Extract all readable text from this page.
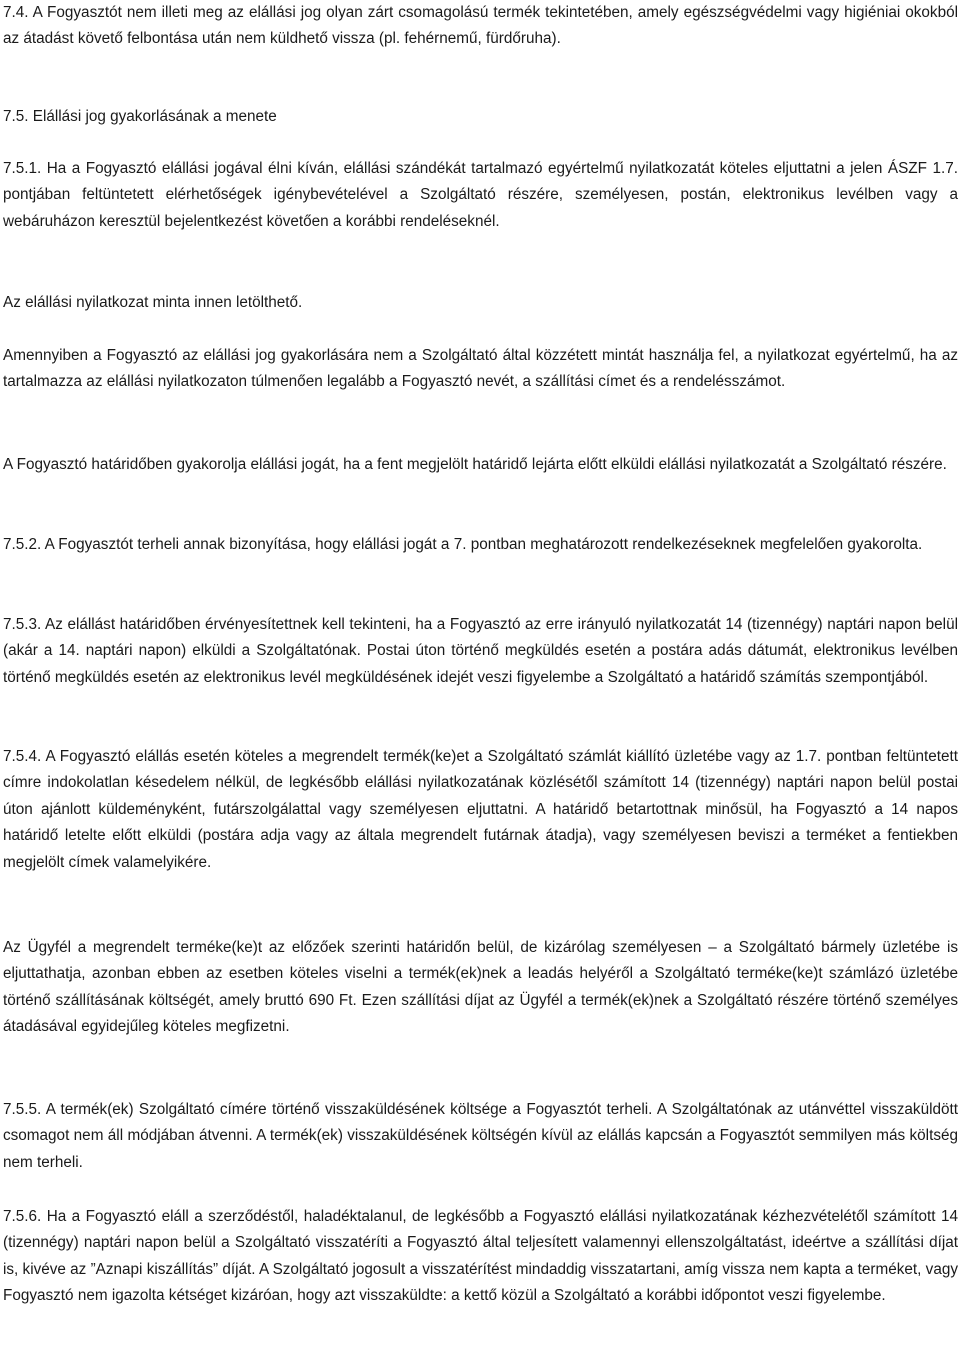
7.4. A Fogyasztót nem illeti meg az elállási jog olyan zárt csomagolású termék tekintetében, amely egészségvédelmi vagy higiéniai okokból az átadást követő felbontása után nem küldhető vissza (pl. fehérnemű, fürdőruha).

7.5. Elállási jog gyakorlásának a menete

7.5.1. Ha a Fogyasztó elállási jogával élni kíván, elállási szándékát tartalmazó egyértelmű nyilatkozatát köteles eljuttatni a jelen ÁSZF 1.7. pontjában feltüntetett elérhetőségek igénybevételével a Szolgáltató részére, személyesen, postán, elektronikus levélben vagy a webáruházon keresztül bejelentkezést követően a korábbi rendeléseknél.

Az elállási nyilatkozat minta innen letölthető.

Amennyiben a Fogyasztó az elállási jog gyakorlására nem a Szolgáltató által közzétett mintát használja fel, a nyilatkozat egyértelmű, ha az tartalmazza az elállási nyilatkozaton túlmenően legalább a Fogyasztó nevét, a szállítási címet és a rendelésszámot.

A Fogyasztó határidőben gyakorolja elállási jogát, ha a fent megjelölt határidő lejárta előtt elküldi elállási nyilatkozatát a Szolgáltató részére.

7.5.2. A Fogyasztót terheli annak bizonyítása, hogy elállási jogát a 7. pontban meghatározott rendelkezéseknek megfelelően gyakorolta.

7.5.3. Az elállást határidőben érvényesítettnek kell tekinteni, ha a Fogyasztó az erre irányuló nyilatkozatát 14 (tizennégy) naptári napon belül (akár a 14. naptári napon) elküldi a Szolgáltatónak. Postai úton történő megküldés esetén a postára adás dátumát, elektronikus levélben történő megküldés esetén az elektronikus levél megküldésének idejét veszi figyelembe a Szolgáltató a határidő számítás szempontjából.

7.5.4. A Fogyasztó elállás esetén köteles a megrendelt termék(ke)et a Szolgáltató számlát kiállító üzletébe vagy az 1.7. pontban feltüntetett címre indokolatlan késedelem nélkül, de legkésőbb elállási nyilatkozatának közlésétől számított 14 (tizennégy) naptári napon belül postai úton ajánlott küldeményként, futárszolgálattal vagy személyesen eljuttatni. A határidő betartottnak minősül, ha Fogyasztó a 14 napos határidő letelte előtt elküldi (postára adja vagy az általa megrendelt futárnak átadja), vagy személyesen beviszi a terméket a fentiekben megjelölt címek valamelyikére.

Az Ügyfél a megrendelt terméke(ke)t az előzőek szerinti határidőn belül, de kizárólag személyesen – a Szolgáltató bármely üzletébe is eljuttathatja, azonban ebben az esetben köteles viselni a termék(ek)nek a leadás helyéről a Szolgáltató terméke(ke)t számlázó üzletébe történő szállításának költségét, amely bruttó 690 Ft. Ezen szállítási díjat az Ügyfél a termék(ek)nek a Szolgáltató részére történő személyes átadásával egyidejűleg köteles megfizetni.

7.5.5. A termék(ek) Szolgáltató címére történő visszaküldésének költsége a Fogyasztót terheli. A Szolgáltatónak az utánvéttel visszaküldött csomagot nem áll módjában átvenni. A termék(ek) visszaküldésének költségén kívül az elállás kapcsán a Fogyasztót semmilyen más költség nem terheli.

7.5.6. Ha a Fogyasztó eláll a szerződéstől, haladéktalanul, de legkésőbb a Fogyasztó elállási nyilatkozatának kézhezvételétől számított 14 (tizennégy) naptári napon belül a Szolgáltató visszatéríti a Fogyasztó által teljesített valamennyi ellenszolgáltatást, ideértve a szállítási díjat is, kivéve az ”Aznapi kiszállítás” díját. A Szolgáltató jogosult a visszatérítést mindaddig visszatartani, amíg vissza nem kapta a terméket, vagy Fogyasztó nem igazolta kétséget kizáróan, hogy azt visszaküldte: a kettő közül a Szolgáltató a korábbi időpontot veszi figyelembe.
